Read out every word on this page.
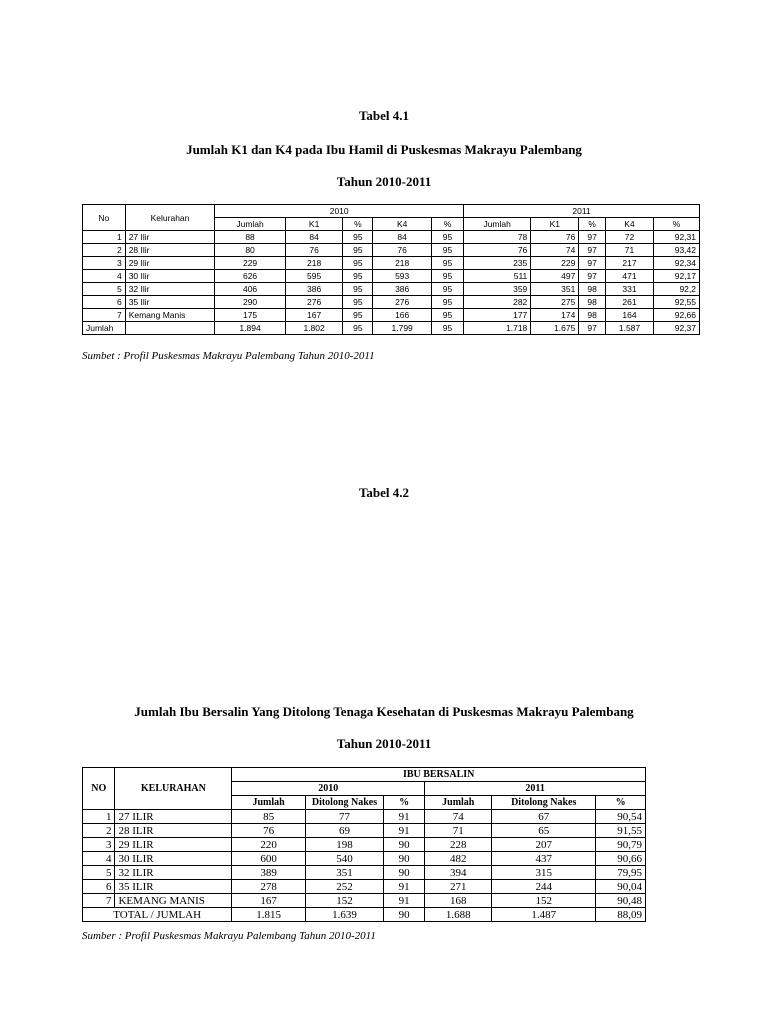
Tabel 4.1
Jumlah K1 dan K4 pada Ibu Hamil di Puskesmas Makrayu Palembang
Tahun 2010-2011
No	Kelurahan	2010					2011				
		Jumlah	K1	%	K4	%	Jumlah	K1	%	K4	%
1	27 Ilir	88	84	95	84	95	78	76	97	72	92,31
2	28 Ilir	80	76	95	76	95	76	74	97	71	93,42
3	29 Ilir	229	218	95	218	95	235	229	97	217	92,34
4	30 Ilir	626	595	95	593	95	511	497	97	471	92,17
5	32 Ilir	406	386	95	386	95	359	351	98	331	92,2
6	35 Ilir	290	276	95	276	95	282	275	98	261	92,55
7	Kemang Manis	175	167	95	166	95	177	174	98	164	92,66
Jumlah		1.894	1.802	95	1.799	95	1.718	1.675	97	1.587	92,37
Sumbet : Profil Puskesmas Makrayu Palembang Tahun 2010-2011
Tabel 4.2
Jumlah Ibu Bersalin Yang Ditolong Tenaga Kesehatan di Puskesmas Makrayu Palembang
Tahun 2010-2011
NO	KELURAHAN	IBU BERSALIN					
		2010			2011		
		Jumlah	Ditolong Nakes	%	Jumlah	Ditolong Nakes	%
1	27 ILIR	85	77	91	74	67	90,54
2	28 ILIR	76	69	91	71	65	91,55
3	29 ILIR	220	198	90	228	207	90,79
4	30 ILIR	600	540	90	482	437	90,66
5	32 ILIR	389	351	90	394	315	79,95
6	35 ILIR	278	252	91	271	244	90,04
7	KEMANG MANIS	167	152	91	168	152	90,48
TOTAL / JUMLAH		1.815	1.639	90	1.688	1.487	88,09
Sumber : Profil Puskesmas Makrayu Palembang Tahun 2010-2011
